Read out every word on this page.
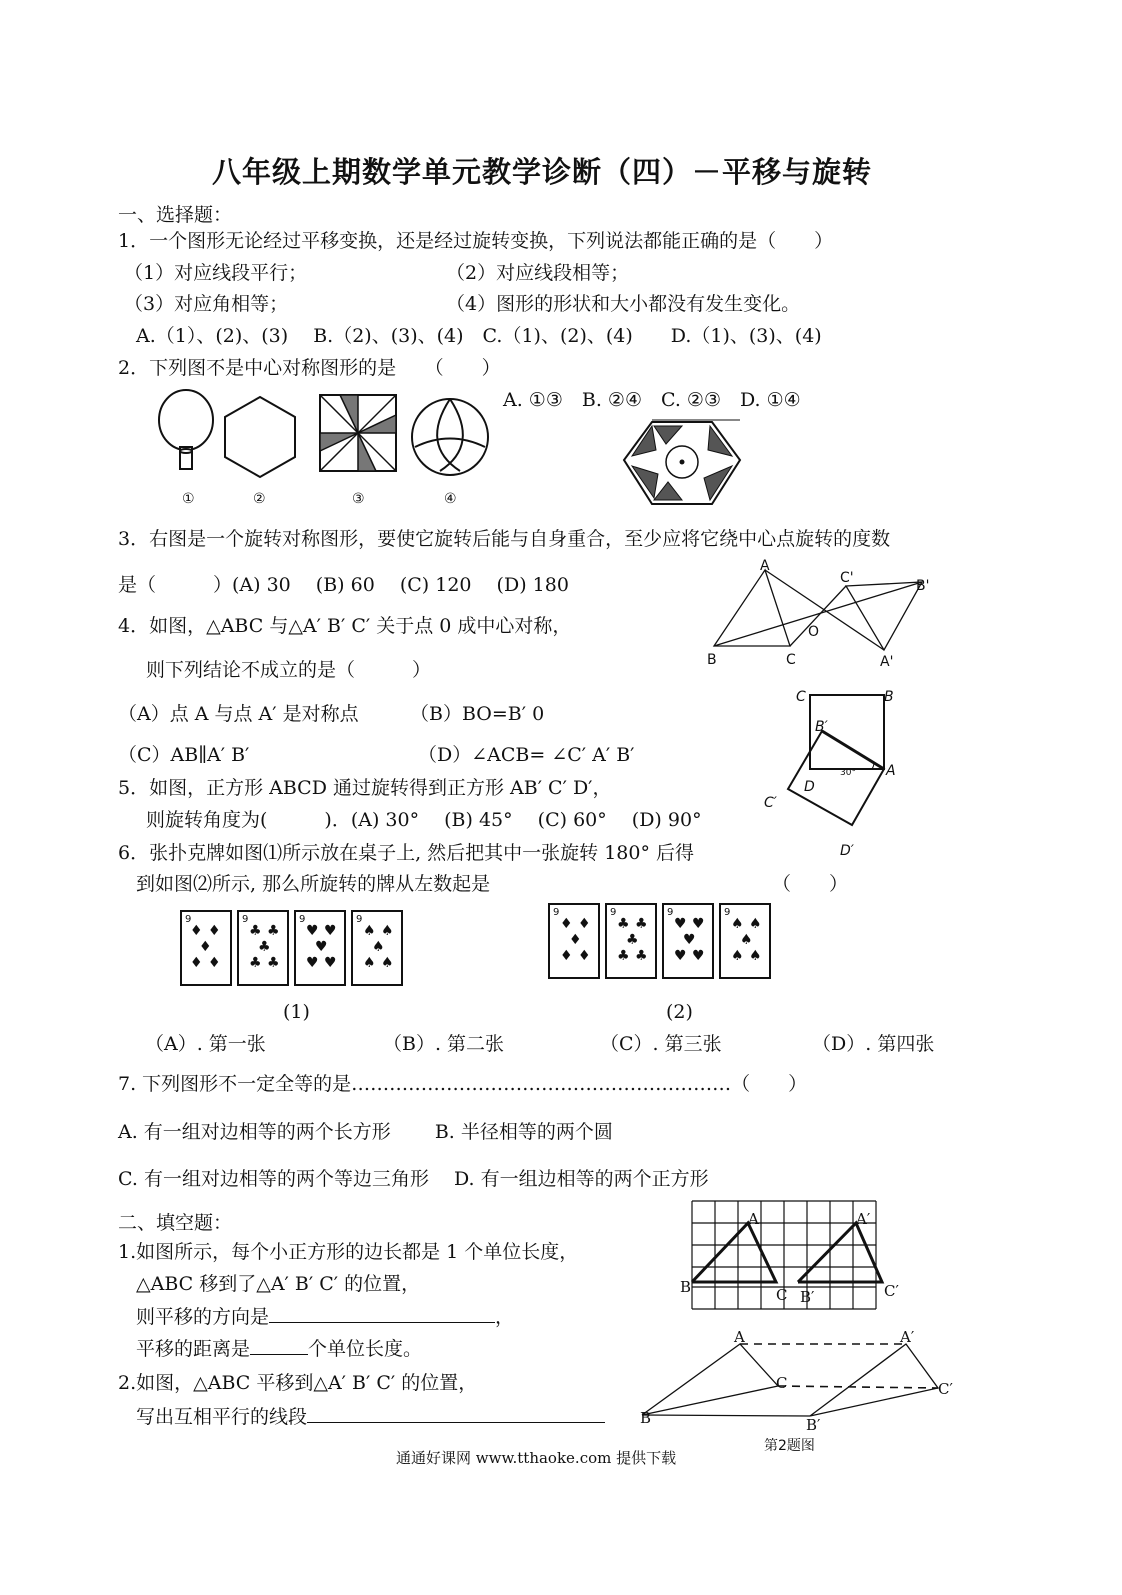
八年级上期数学单元教学诊断（四）－平移与旋转
一、选择题：
1．一个图形无论经过平移变换，还是经过旋转变换，下列说法都能正确的是（　　）
（1）对应线段平行；	（2）对应线段相等；
（3）对应角相等；	（4）图形的形状和大小都没有发生变化。
A.（1）、(2)、(3)　 B.（2)、(3)、(4)　C.（1)、(2)、(4)　　D.（1)、(3)、(4)
2．下列图不是中心对称图形的是　　（　　）
A. ①③　B. ②④　C. ②③　D. ①④
①	②	③	④
3．右图是一个旋转对称图形，要使它旋转后能与自身重合，至少应将它绕中心点旋转的度数
是（　　　）(A) 30　 (B) 60　 (C) 120　 (D) 180
A
B	C
O
C'	B'
A'
4．如图，△ABC 与△A′ B′ C′ 关于点 0 成中心对称，
则下列结论不成立的是（　　　）
（A）点 A 与点 A′ 是对称点	（B）BO=B′ 0
（C）AB∥A′ B′	（D）∠ACB= ∠C′ A′ B′
30°
C	B
B′
D
A
C′
D′
5．如图，正方形 ABCD 通过旋转得到正方形 AB′ C′ D′，
则旋转角度为(　　　)．(A) 30°　 (B) 45°　 (C) 60°　 (D) 90°
6．张扑克牌如图⑴所示放在桌子上, 然后把其中一张旋转 180° 后得
到如图⑵所示, 那么所旋转的牌从左数起是	（　　）
9
♦ ♦
♦
♦ ♦
9
♣ ♣
♣
♣ ♣
9
♥ ♥
♥
♥ ♥
9
♠ ♠
♠
♠ ♠
(1)
9
♦ ♦
♦
♦ ♦
9
♣ ♣
♣
♣ ♣
9
♥ ♥
♥
♥ ♥
9
♠ ♠
♠
♠ ♠
(2)
（A）. 第一张	（B）. 第二张	（C）. 第三张	（D）. 第四张
7. 下列图形不一定全等的是……………………………………………………（　　）
A. 有一组对边相等的两个长方形　　 B. 半径相等的两个圆
C. 有一组对边相等的两个等边三角形　 D. 有一组边相等的两个正方形
二、填空题：
B
A
C B′
A′
C′
1.如图所示，每个小正方形的边长都是 1 个单位长度，
△ABC 移到了△A′ B′ C′ 的位置，
则平移的方向是	，
平移的距离是	个单位长度。
A	A′
C	C′
B	B′
第2题图
2.如图，△ABC 平移到△A′ B′ C′ 的位置，
写出互相平行的线段
通通好课网 www.tthaoke.com 提供下载
